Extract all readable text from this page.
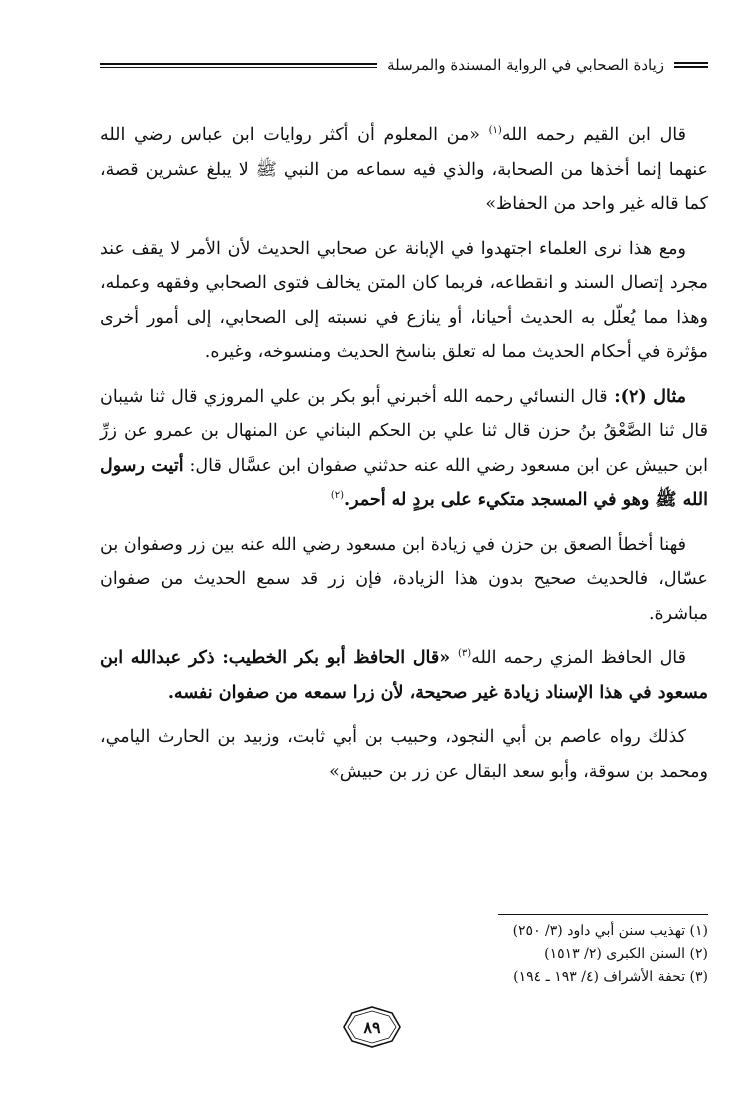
زيادة الصحابي في الرواية المسندة والمرسلة

قال ابن القيم رحمه الله$^{(١)}$ «من المعلوم أن أكثر روايات ابن عباس رضي الله عنهما إنما أخذها من الصحابة، والذي فيه سماعه من النبي ﷺ لا يبلغ عشرين قصة، كما قاله غير واحد من الحفاظ»

ومع هذا نرى العلماء اجتهدوا في الإبانة عن صحابي الحديث لأن الأمر لا يقف عند مجرد إتصال السند و انقطاعه، فربما كان المتن يخالف فتوى الصحابي وفقهه وعمله، وهذا مما يُعلّل به الحديث أحيانا، أو ينازع في نسبته إلى الصحابي، إلى أمور أخرى مؤثرة في أحكام الحديث مما له تعلق بناسخ الحديث ومنسوخه، وغيره.

مثال (٢): قال النسائي رحمه الله أخبرني أبو بكر بن علي المروزي قال ثنا شيبان قال ثنا الصَّعْقُ بنُ حزن قال ثنا علي بن الحكم البناني عن المنهال بن عمرو عن زرِّ ابن حبيش عن ابن مسعود رضي الله عنه حدثني صفوان ابن عسَّال قال: أتيت رسول الله ﷺ وهو في المسجد متكيء على بردٍ له أحمر.$^{(٢)}$

فهنا أخطأ الصعق بن حزن في زيادة ابن مسعود رضي الله عنه بين زر وصفوان بن عسّال، فالحديث صحيح بدون هذا الزيادة، فإن زر قد سمع الحديث من صفوان مباشرة.

قال الحافظ المزي رحمه الله$^{(٣)}$ «قال الحافظ أبو بكر الخطيب: ذكر عبدالله ابن مسعود في هذا الإسناد زيادة غير صحيحة، لأن زرا سمعه من صفوان نفسه.

كذلك رواه عاصم بن أبي النجود، وحبيب بن أبي ثابت، وزبيد بن الحارث اليامي، ومحمد بن سوقة، وأبو سعد البقال عن زر بن حبيش»

(١) تهذيب سنن أبي داود (٣/ ٢٥٠)
(٢) السنن الكبرى (٢/ ١٥١٣)
(٣) تحفة الأشراف (٤/ ١٩٣ ـ ١٩٤)
٨٩
